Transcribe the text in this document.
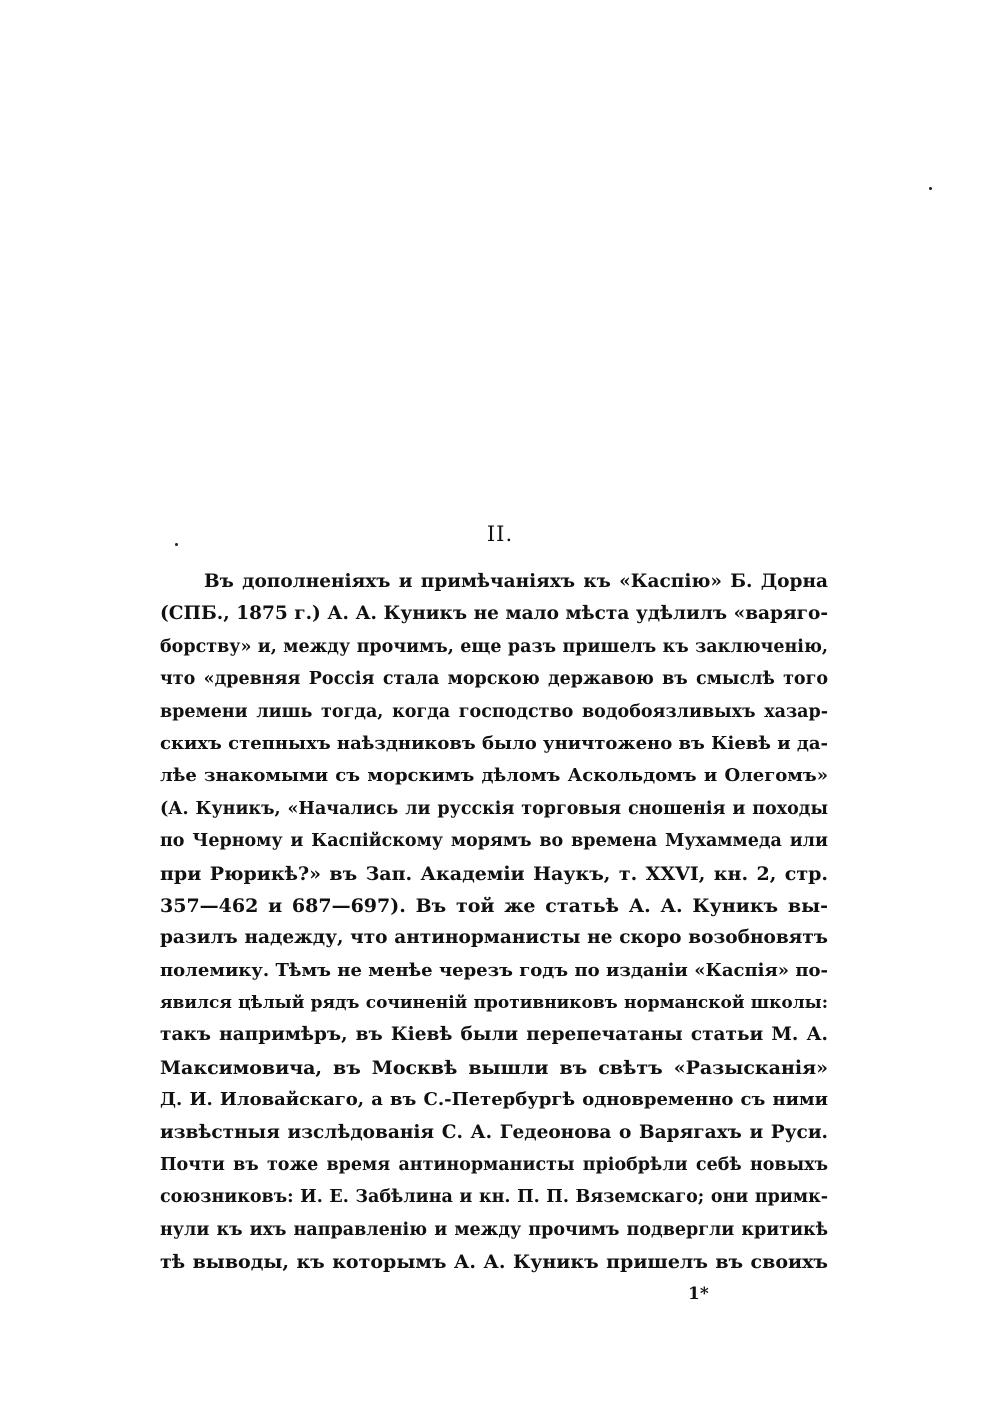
II.
Въ дополненіяхъ и примѣчаніяхъ къ «Каспію» Б. Дорна
(СПБ., 1875 г.) А. А. Куникъ не мало мѣста удѣлилъ «варяго-
борству» и, между прочимъ, еще разъ пришелъ къ заключенію,
что «древняя Россія стала морскою державою въ смыслѣ того
времени лишь тогда, когда господство водобоязливыхъ хазар-
скихъ степныхъ наѣздниковъ было уничтожено въ Кіевѣ и да-
лѣе знакомыми съ морскимъ дѣломъ Аскольдомъ и Олегомъ»
(А. Куникъ, «Начались ли русскія торговыя сношенія и походы
по Черному и Каспійскому морямъ во времена Мухаммеда или
при Рюрикѣ?» въ Зап. Академіи Наукъ, т. XXVI, кн. 2, стр.
357—462 и 687—697). Въ той же статьѣ А. А. Куникъ вы-
разилъ надежду, что антинорманисты не скоро возобновятъ
полемику. Тѣмъ не менѣе черезъ годъ по изданіи «Каспія» по-
явился цѣлый рядъ сочиненій противниковъ норманской школы:
такъ напримѣръ, въ Кіевѣ были перепечатаны статьи М. А.
Максимовича, въ Москвѣ вышли въ свѣтъ «Разысканія»
Д. И. Иловайскаго, а въ С.-Петербургѣ одновременно съ ними
извѣстныя изслѣдованія С. А. Гедеонова о Варягахъ и Руси.
Почти въ тоже время антинорманисты пріобрѣли себѣ новыхъ
союзниковъ: И. Е. Забѣлина и кн. П. П. Вяземскаго; они примк-
нули къ ихъ направленію и между прочимъ подвергли критикѣ
тѣ выводы, къ которымъ А. А. Куникъ пришелъ въ своихъ
1*
